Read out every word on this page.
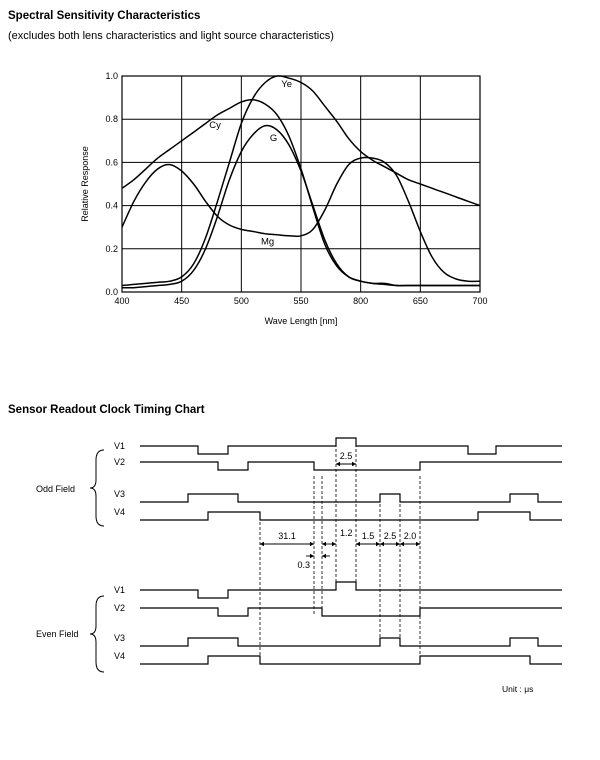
Spectral Sensitivity Characteristics

(excludes both lens characteristics and light source characteristics)

400	450	500	550	800	650	700
0.0
0.2
0.4
0.6
0.8
1.0
Ye
Cy
G
Mg
Wave Length [nm]
Relative Response
Sensor Readout Clock Timing Chart
V1
V2
V3
V4
V1
V2
V3
V4
2.5
31.1	1.2 1.5 2.5 2.0
0.3
Odd Field
Even Field
Unit : μs
